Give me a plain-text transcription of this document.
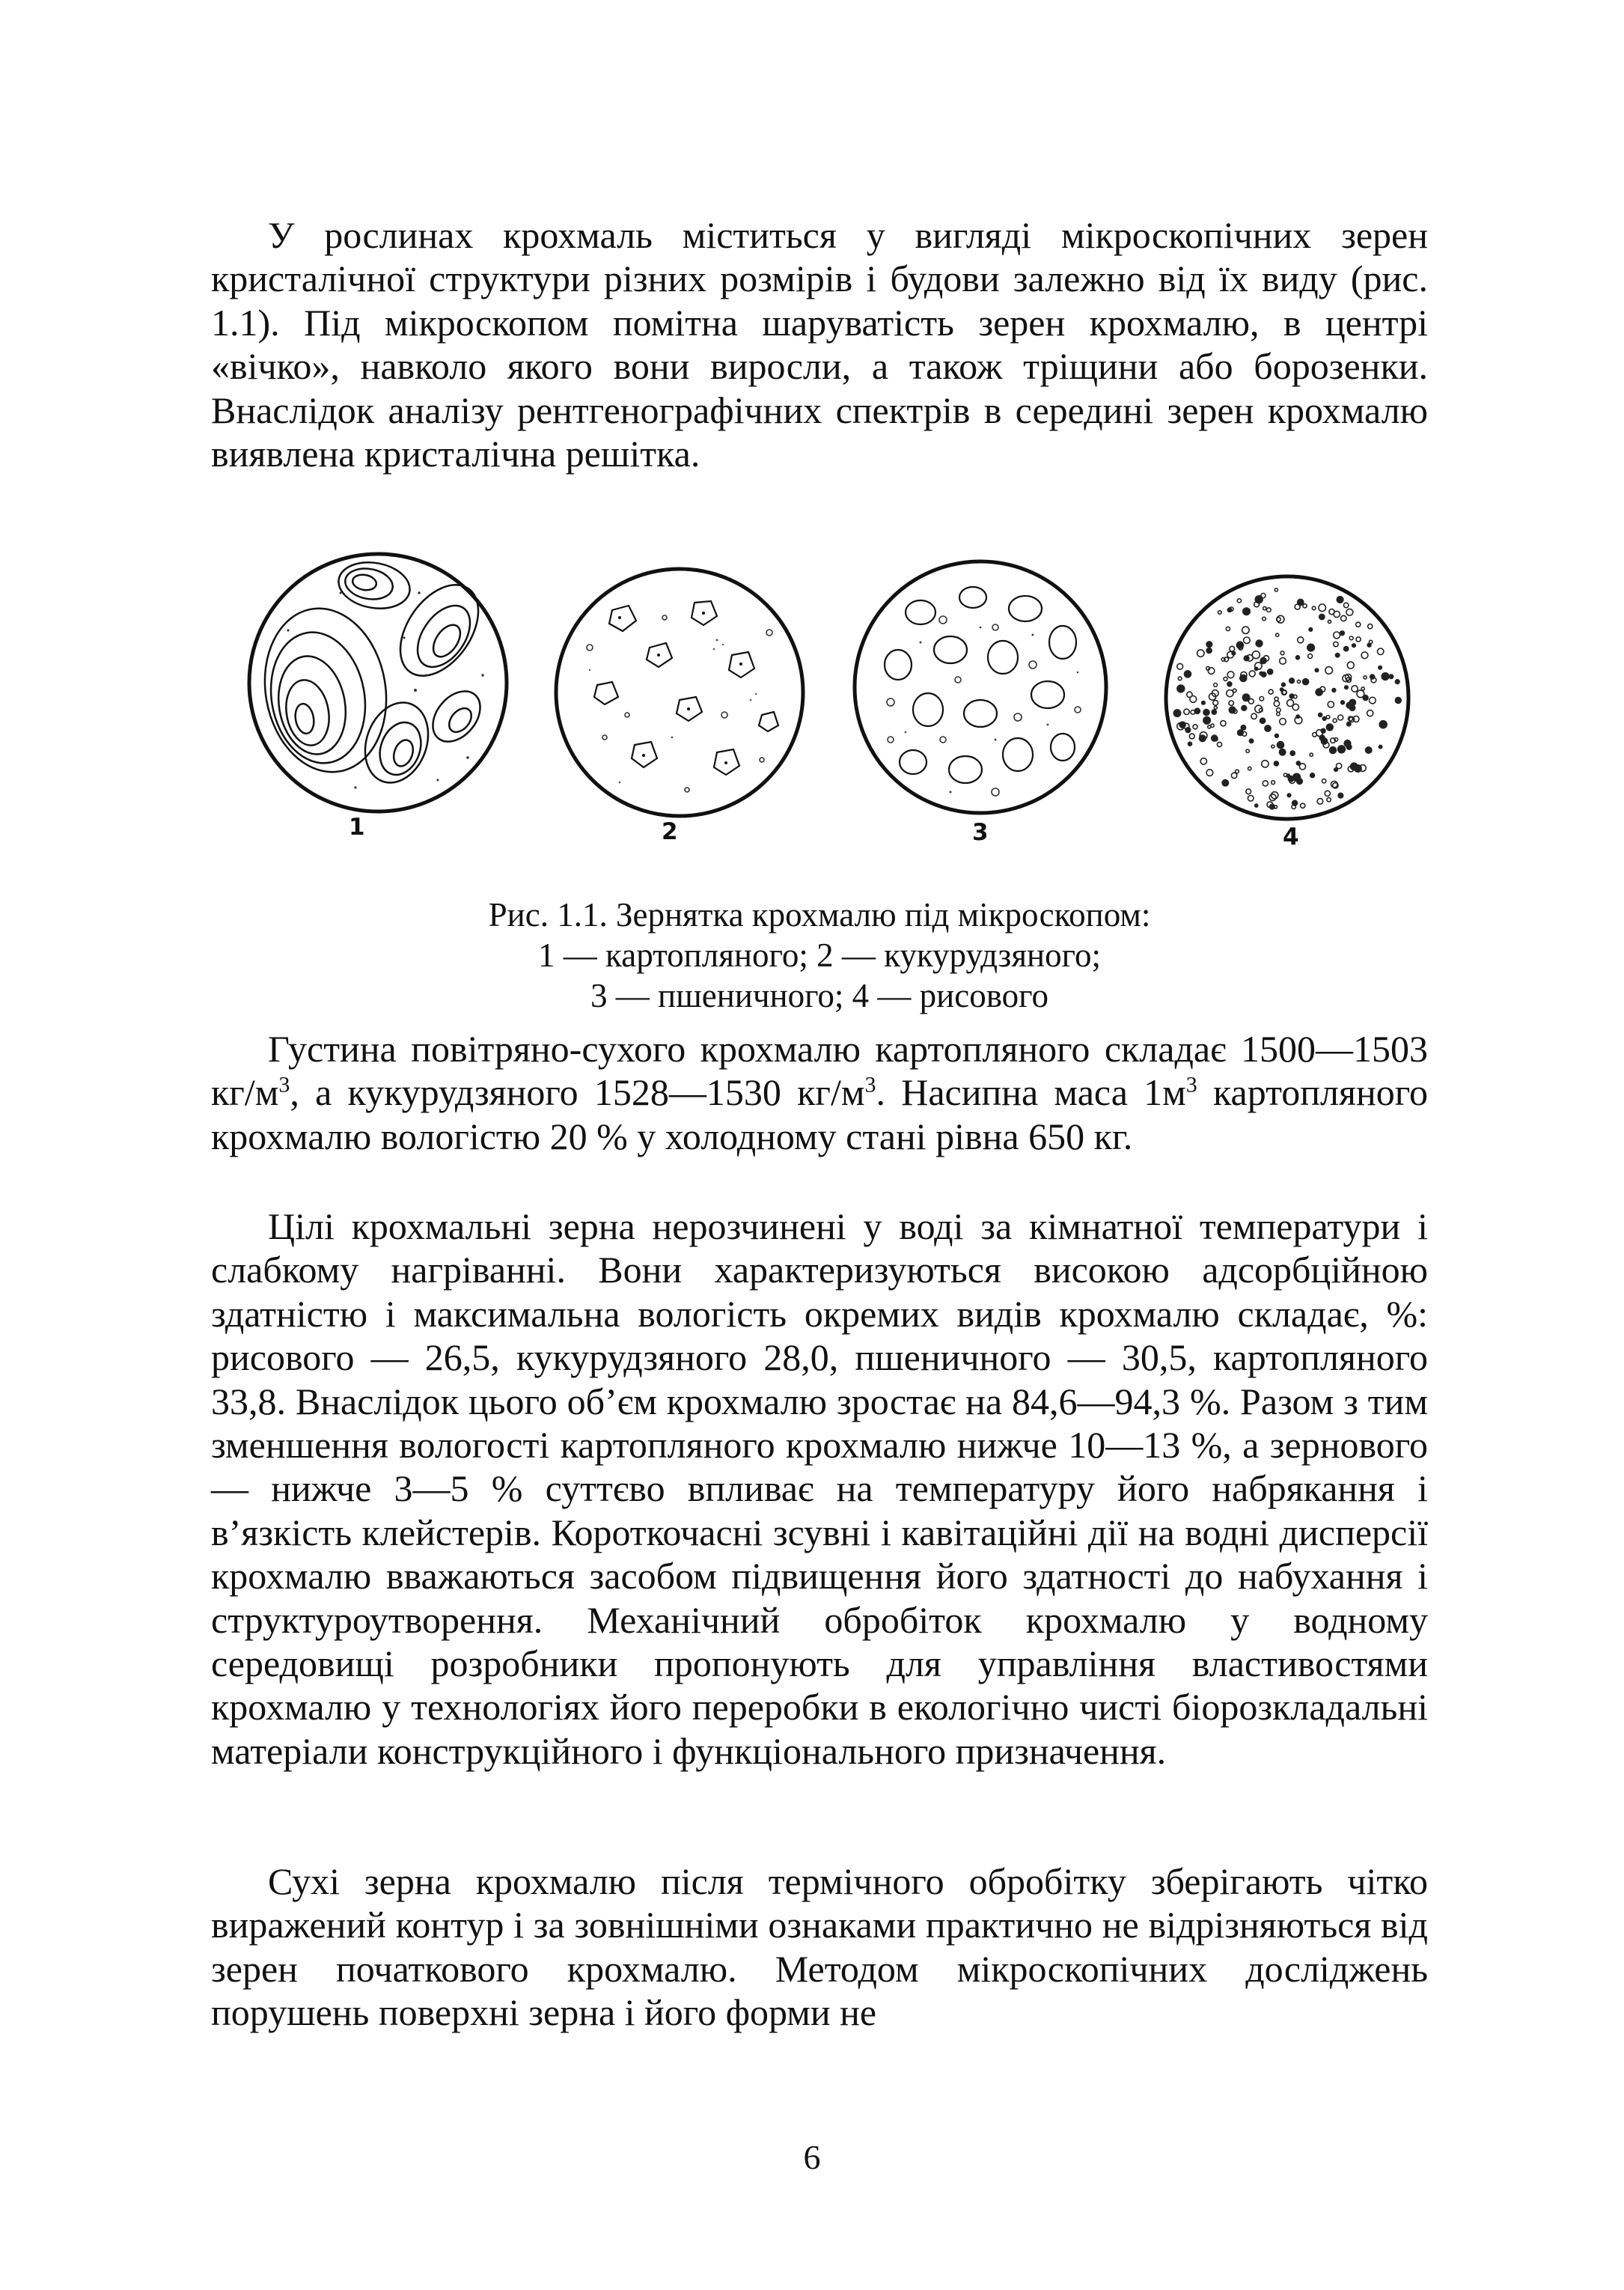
У рослинах крохмаль міститься у вигляді мікроскопічних зерен кристалічної структури різних розмірів і будови залежно від їх виду (рис. 1.1). Під мікроскопом помітна шаруватість зерен крохмалю, в центрі «вічко», навколо якого вони виросли, а також тріщини або борозенки. Внаслідок аналізу рентгенографічних спектрів в середині зерен крохмалю виявлена кристалічна решітка.

1	2	3	4
Рис. 1.1. Зернятка крохмалю під мікроскопом:
1 — картопляного; 2 — кукурудзяного;
3 — пшеничного; 4 — рисового

Густина повітряно-сухого крохмалю картопляного складає 1500—1503 $кг/м^3$, а кукурудзяного 1528—1530 $кг/м^3$. Насипна маса $1м^3$ картопляного крохмалю вологістю 20 % у холодному стані рівна 650 кг.

Цілі крохмальні зерна нерозчинені у воді за кімнатної температури і слабкому нагріванні. Вони характеризуються високою адсорбційною здатністю і максимальна вологість окремих видів крохмалю складає, %: рисового — 26,5, кукурудзяного 28,0, пшеничного — 30,5, картопляного 33,8. Внаслідок цього об’єм крохмалю зростає на 84,6—94,3 %. Разом з тим зменшення вологості картопляного крохмалю нижче 10—13 %, а зернового — нижче 3—5 % суттєво впливає на температуру його набрякання і в’язкість клейстерів. Короткочасні зсувні і кавітаційні дії на водні дисперсії крохмалю вважаються засобом підвищення його здатності до набухання і структуроутворення. Механічний обробіток крохмалю у водному середовищі розробники пропонують для управління властивостями крохмалю у технологіях його переробки в екологічно чисті біорозкладальні матеріали конструкційного і функціонального призначення.

Сухі зерна крохмалю після термічного обробітку зберігають чітко виражений контур і за зовнішніми ознаками практично не відрізняються від зерен початкового крохмалю. Методом мікроскопічних досліджень порушень поверхні зерна і його форми не

6
